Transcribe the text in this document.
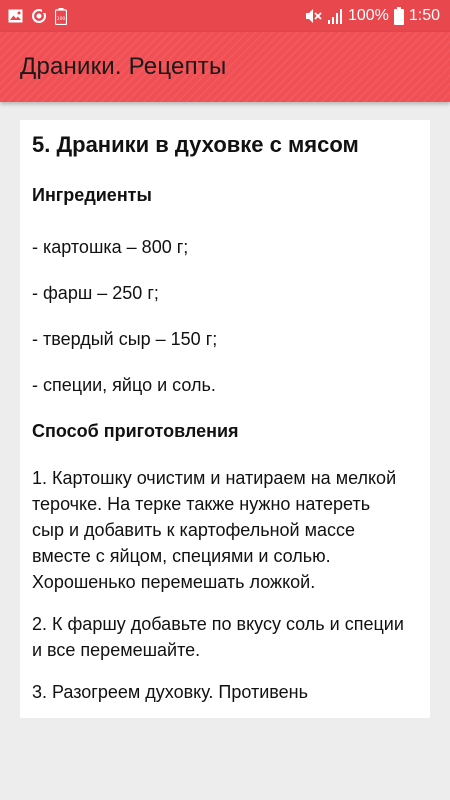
100	100% 1:50
Драники. Рецепты
5. Драники в духовке с мясом
Ингредиенты
- картошка – 800 г;
- фарш – 250 г;
- твердый сыр – 150 г;
- специи, яйцо и соль.
Способ приготовления

1. Картошку очистим и натираем на мелкой терочке. На терке также нужно натереть сыр и добавить к картофельной массе вместе с яйцом, специями и солью. Хорошенько перемешать ложкой.

2. К фаршу добавьте по вкусу соль и специи и все перемешайте.

3. Разогреем духовку. Противень
